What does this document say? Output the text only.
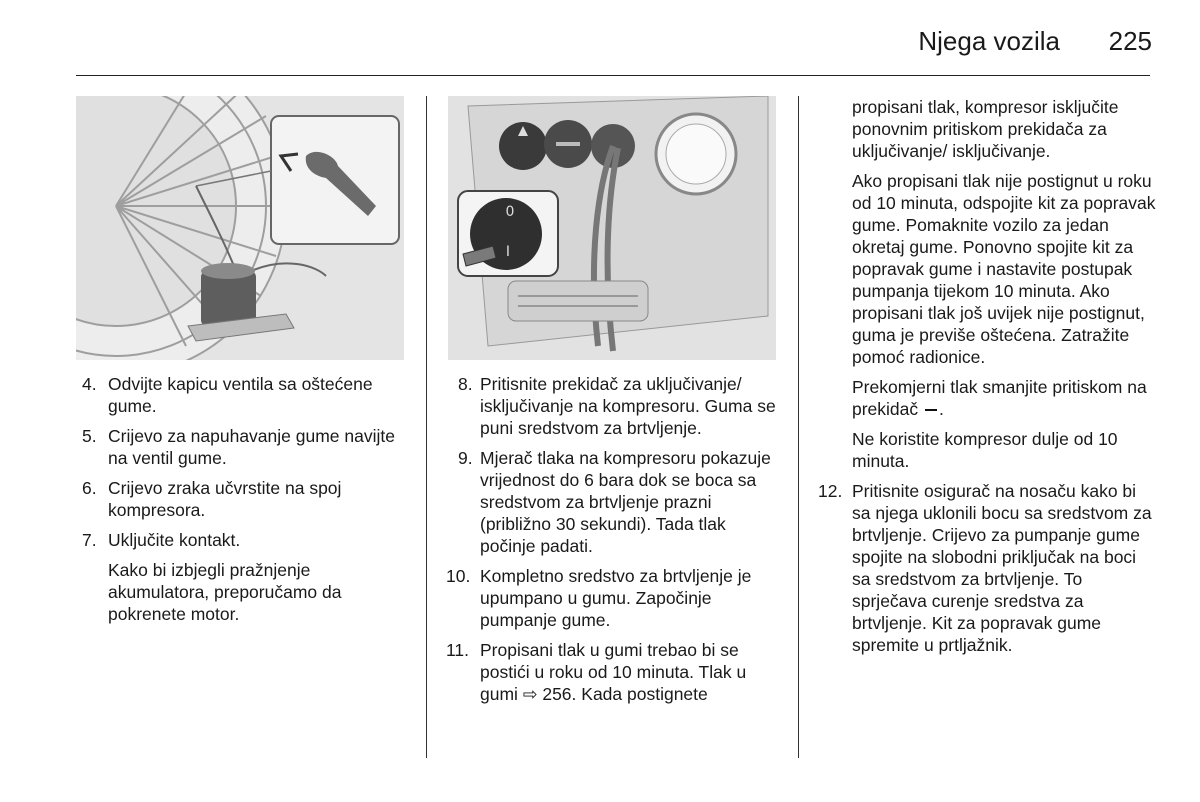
Njega vozila 225
0
I
4. Odvijte kapicu ventila sa oštećene gume.
5. Crijevo za napuhavanje gume navijte na ventil gume.
6. Crijevo zraka učvrstite na spoj kompresora.
7. Uključite kontakt.
Kako bi izbjegli pražnjenje akumulatora, preporučamo da pokrenete motor.
8. Pritisnite prekidač za uključivanje/ isključivanje na kompresoru. Guma se puni sredstvom za brtvljenje.
9. Mjerač tlaka na kompresoru pokazuje vrijednost do 6 bara dok se boca sa sredstvom za brtvljenje prazni (približno 30 sekundi). Tada tlak počinje padati.
10. Kompletno sredstvo za brtvljenje je upumpano u gumu. Započinje pumpanje gume.
11. Propisani tlak u gumi trebao bi se postići u roku od 10 minuta. Tlak u gumi ⇨ 256. Kada postignete
propisani tlak, kompresor isključite ponovnim pritiskom prekidača za uključivanje/ isključivanje.
Ako propisani tlak nije postignut u roku od 10 minuta, odspojite kit za popravak gume. Pomaknite vozilo za jedan okretaj gume. Ponovno spojite kit za popravak gume i nastavite postupak pumpanja tijekom 10 minuta. Ako propisani tlak još uvijek nije postignut, guma je previše oštećena. Zatražite pomoć radionice.
Prekomjerni tlak smanjite pritiskom na prekidač .
Ne koristite kompresor dulje od 10 minuta.
12. Pritisnite osigurač na nosaču kako bi sa njega uklonili bocu sa sredstvom za brtvljenje. Crijevo za pumpanje gume spojite na slobodni priključak na boci sa sredstvom za brtvljenje. To sprječava curenje sredstva za brtvljenje. Kit za popravak gume spremite u prtljažnik.
